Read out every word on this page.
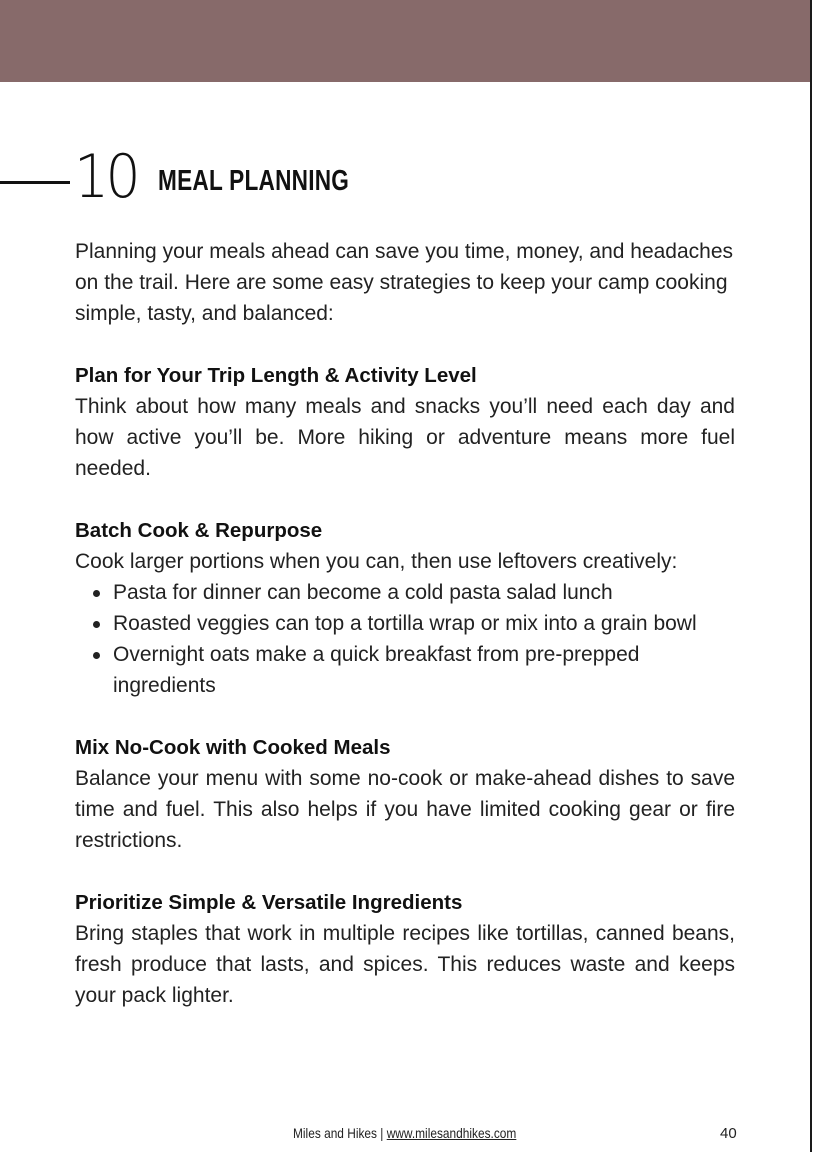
10 MEAL PLANNING

Planning your meals ahead can save you time, money, and headaches on the trail. Here are some easy strategies to keep your camp cooking simple, tasty, and balanced:

Plan for Your Trip Length & Activity Level

Think about how many meals and snacks you’ll need each day and how active you’ll be. More hiking or adventure means more fuel needed.

Batch Cook & Repurpose

Cook larger portions when you can, then use leftovers creatively:

Pasta for dinner can become a cold pasta salad lunch
Roasted veggies can top a tortilla wrap or mix into a grain bowl
Overnight oats make a quick breakfast from pre-prepped ingredients
Mix No-Cook with Cooked Meals

Balance your menu with some no-cook or make-ahead dishes to save time and fuel. This also helps if you have limited cooking gear or fire restrictions.

Prioritize Simple & Versatile Ingredients

Bring staples that work in multiple recipes like tortillas, canned beans, fresh produce that lasts, and spices. This reduces waste and keeps your pack lighter.

Miles and Hikes | www.milesandhikes.com	40
